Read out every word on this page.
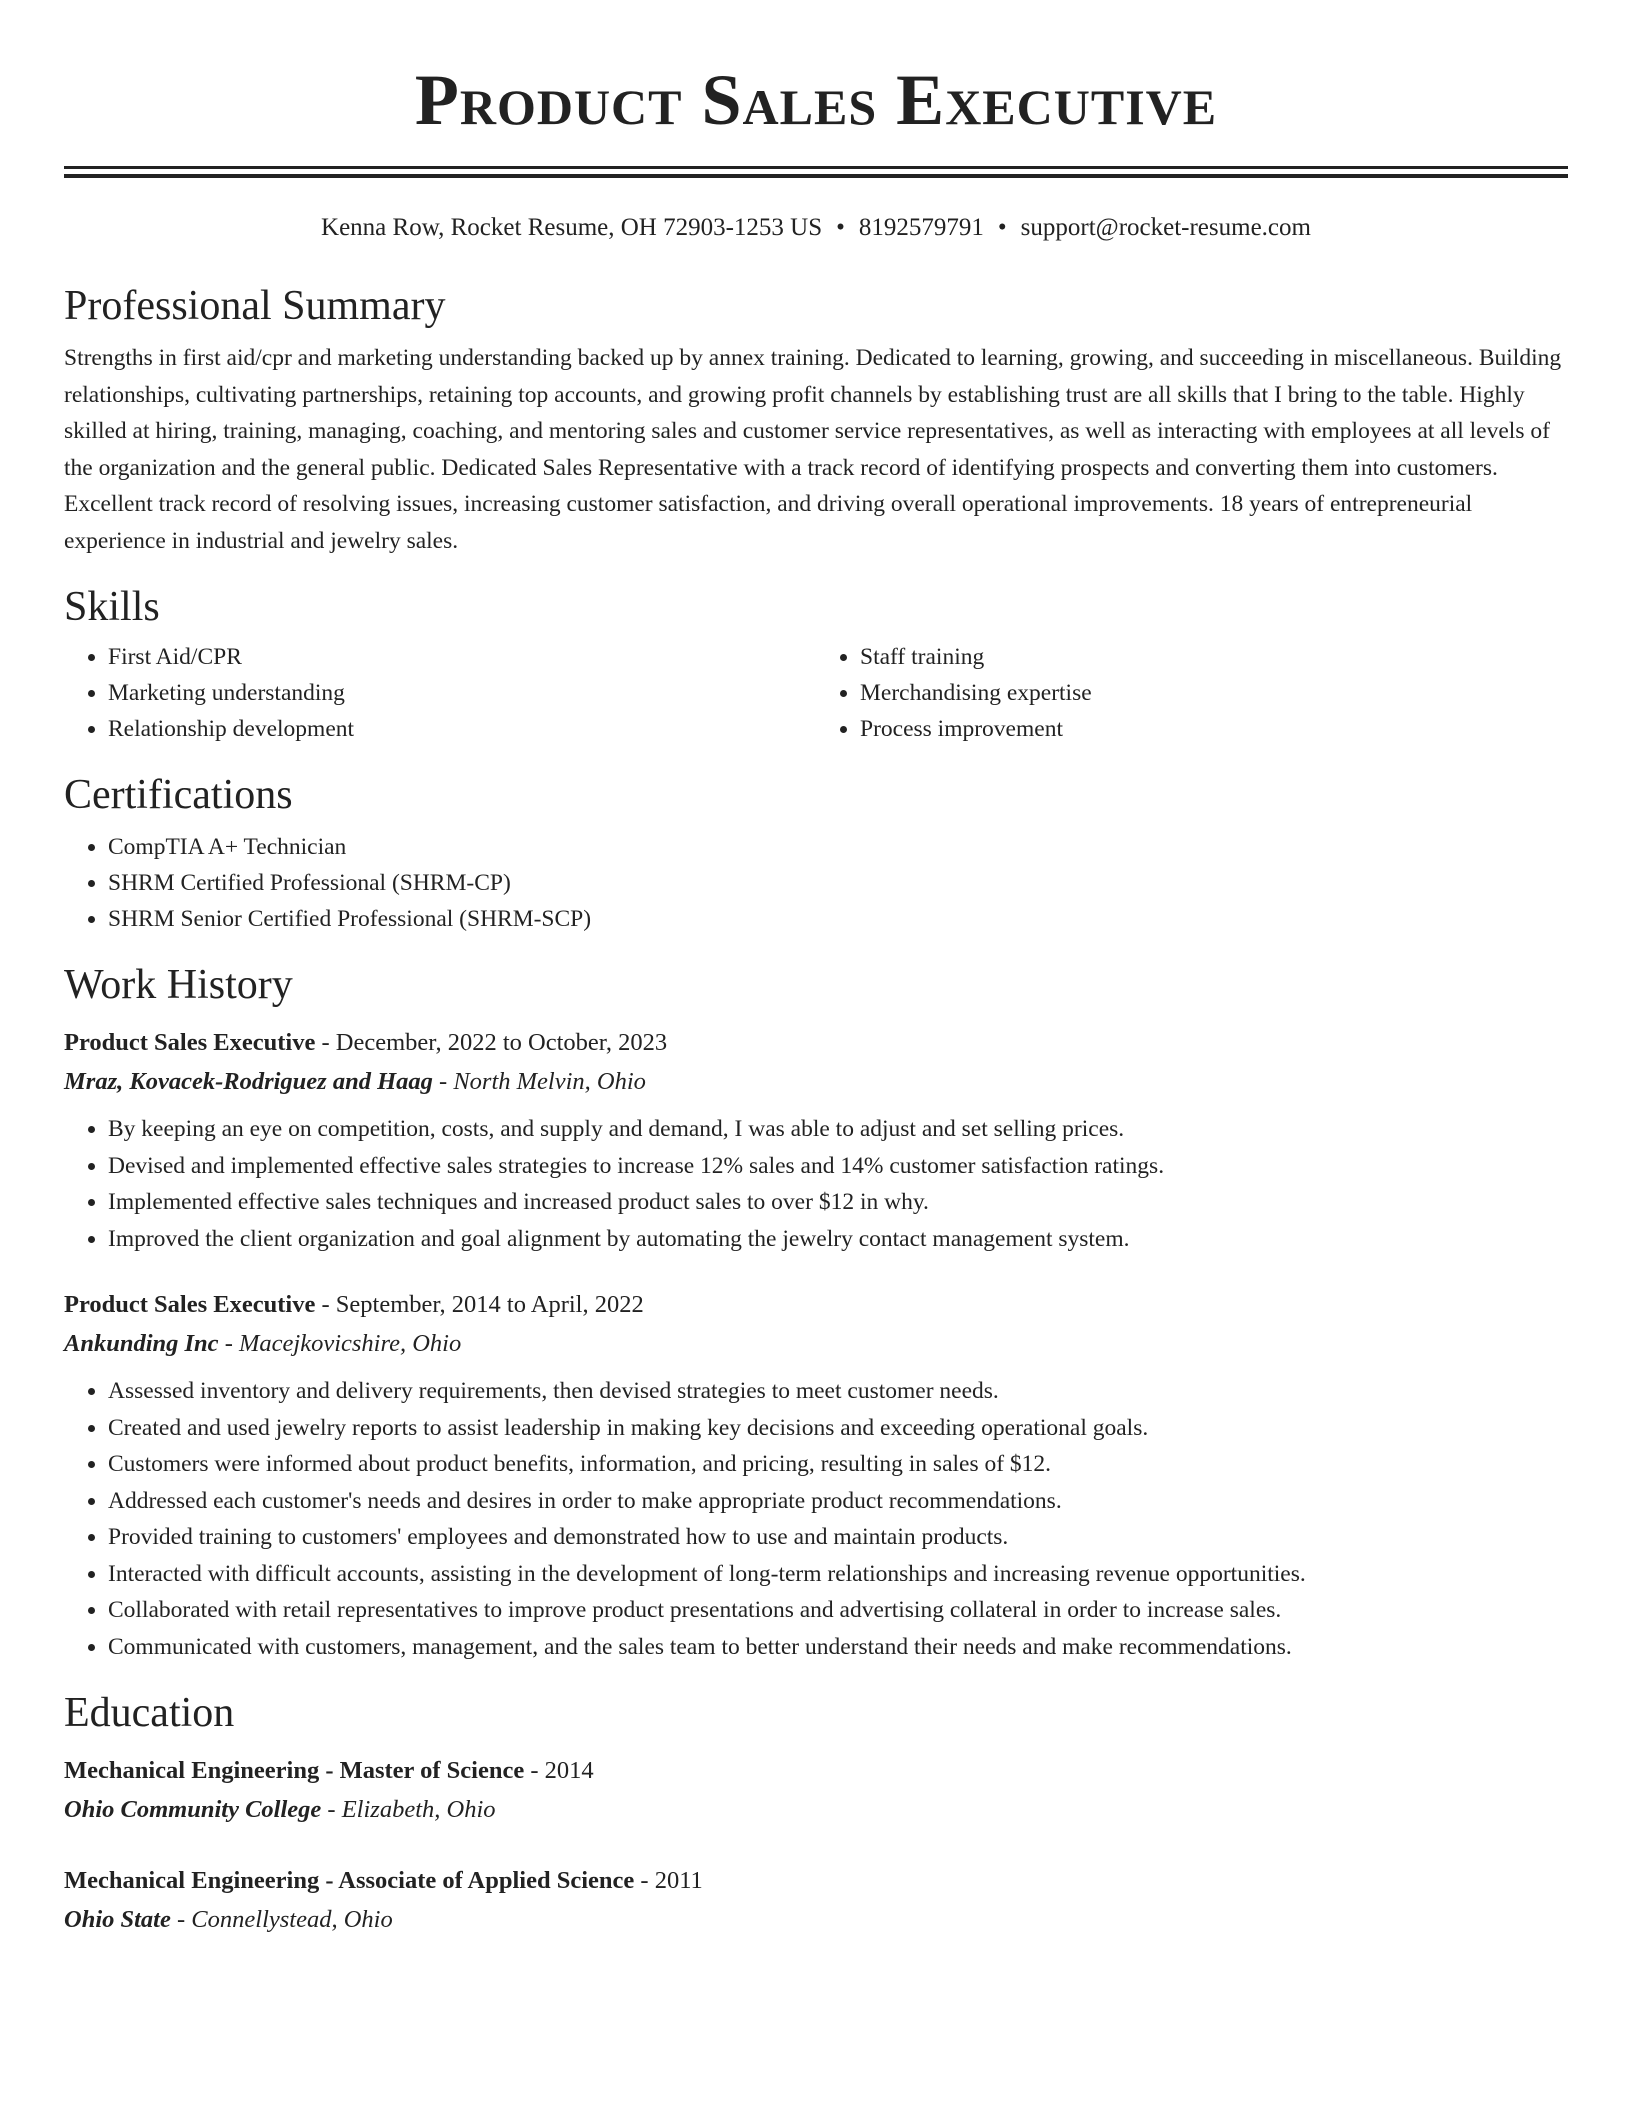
Product Sales Executive
Kenna Row, Rocket Resume, OH 72903-1253 US • 8192579791 • support@rocket-resume.com
Professional Summary

Strengths in first aid/cpr and marketing understanding backed up by annex training. Dedicated to learning, growing, and succeeding in miscellaneous. Building relationships, cultivating partnerships, retaining top accounts, and growing profit channels by establishing trust are all skills that I bring to the table. Highly skilled at hiring, training, managing, coaching, and mentoring sales and customer service representatives, as well as interacting with employees at all levels of the organization and the general public. Dedicated Sales Representative with a track record of identifying prospects and converting them into customers. Excellent track record of resolving issues, increasing customer satisfaction, and driving overall operational improvements. 18 years of entrepreneurial experience in industrial and jewelry sales.

Skills
• First Aid/CPR
• Marketing understanding
• Relationship development
• Staff training
• Merchandising expertise
• Process improvement
Certifications
• CompTIA A+ Technician
• SHRM Certified Professional (SHRM-CP)
• SHRM Senior Certified Professional (SHRM-SCP)
Work History
Product Sales Executive - December, 2022 to October, 2023
Mraz, Kovacek-Rodriguez and Haag - North Melvin, Ohio
• By keeping an eye on competition, costs, and supply and demand, I was able to adjust and set selling prices.
• Devised and implemented effective sales strategies to increase 12% sales and 14% customer satisfaction ratings.
• Implemented effective sales techniques and increased product sales to over $12 in why.
• Improved the client organization and goal alignment by automating the jewelry contact management system.
Product Sales Executive - September, 2014 to April, 2022
Ankunding Inc - Macejkovicshire, Ohio
• Assessed inventory and delivery requirements, then devised strategies to meet customer needs.
• Created and used jewelry reports to assist leadership in making key decisions and exceeding operational goals.
• Customers were informed about product benefits, information, and pricing, resulting in sales of $12.
• Addressed each customer's needs and desires in order to make appropriate product recommendations.
• Provided training to customers' employees and demonstrated how to use and maintain products.
• Interacted with difficult accounts, assisting in the development of long-term relationships and increasing revenue opportunities.
• Collaborated with retail representatives to improve product presentations and advertising collateral in order to increase sales.
• Communicated with customers, management, and the sales team to better understand their needs and make recommendations.
Education
Mechanical Engineering - Master of Science - 2014
Ohio Community College - Elizabeth, Ohio
Mechanical Engineering - Associate of Applied Science - 2011
Ohio State - Connellystead, Ohio
